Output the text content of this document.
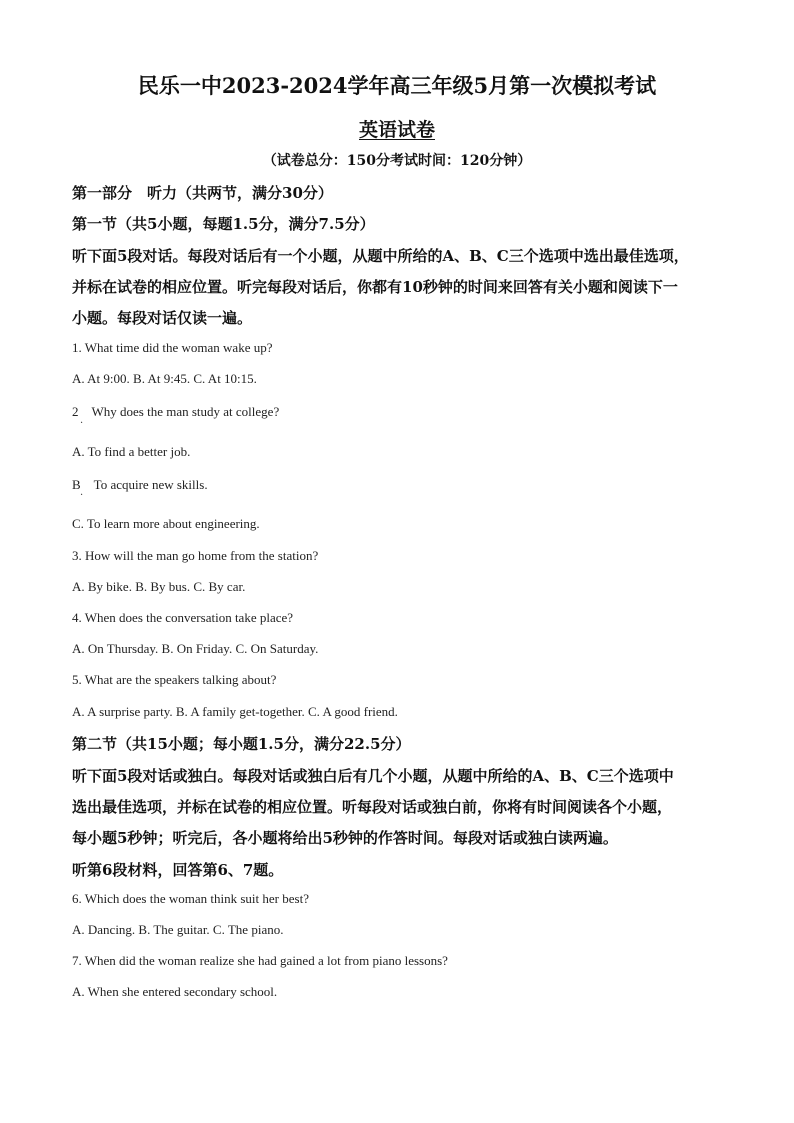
民乐一中2023-2024学年高三年级5月第一次模拟考试
英语试卷
（试卷总分：150分考试时间：120分钟）
第一部分　听力（共两节，满分30分）
第一节（共5小题，每题1.5分，满分7.5分）
听下面5段对话。每段对话后有一个小题，从题中所给的A、B、C三个选项中选出最佳选项，
并标在试卷的相应位置。听完每段对话后，你都有10秒钟的时间来回答有关小题和阅读下一
小题。每段对话仅读一遍。
1. What time did the woman wake up?
A. At 9:00. B. At 9:45. C. At 10:15.
2　Why does the man study at college?
·
A. To find a better job.
B　To acquire new skills.
·
C. To learn more about engineering.
3. How will the man go home from the station?
A. By bike. B. By bus. C. By car.
4. When does the conversation take place?
A. On Thursday. B. On Friday. C. On Saturday.
5. What are the speakers talking about?
A. A surprise party. B. A family get-together. C. A good friend.
第二节（共15小题；每小题1.5分，满分22.5分）
听下面5段对话或独白。每段对话或独白后有几个小题，从题中所给的A、B、C三个选项中
选出最佳选项，并标在试卷的相应位置。听每段对话或独白前，你将有时间阅读各个小题，
每小题5秒钟；听完后，各小题将给出5秒钟的作答时间。每段对话或独白读两遍。
听第6段材料，回答第6、7题。
6. Which does the woman think suit her best?
A. Dancing. B. The guitar. C. The piano.
7. When did the woman realize she had gained a lot from piano lessons?
A. When she entered secondary school.
